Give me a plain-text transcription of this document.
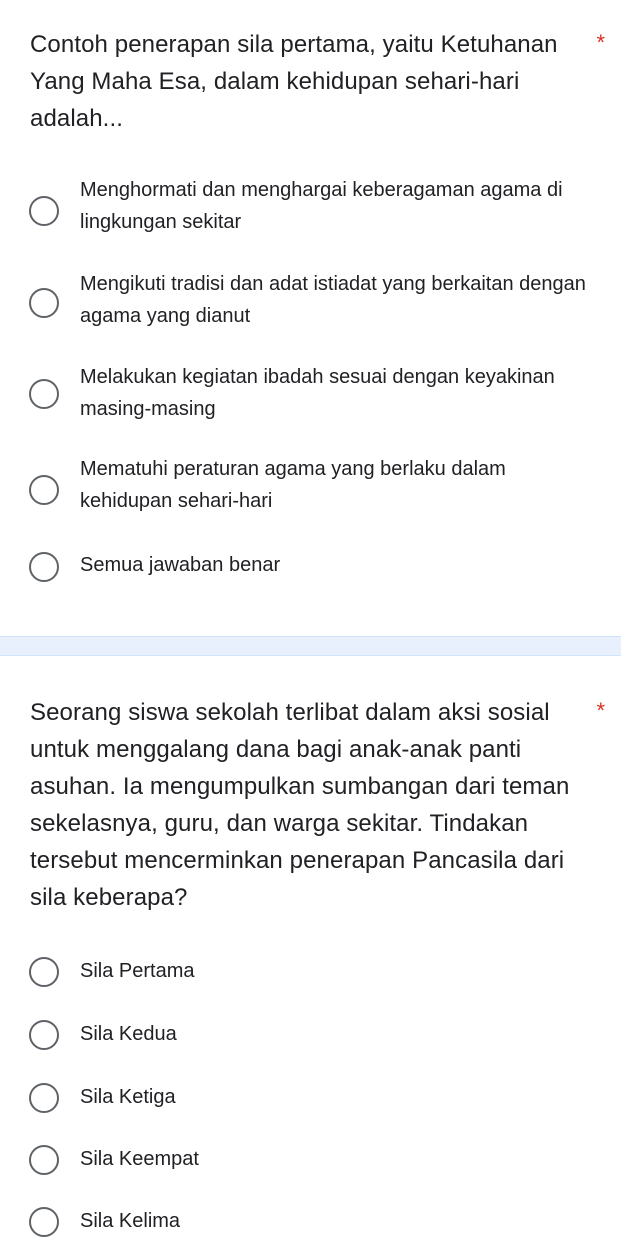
Contoh penerapan sila pertama, yaitu Ketuhanan Yang Maha Esa, dalam kehidupan sehari-hari adalah...
*
Menghormati dan menghargai keberagaman agama di lingkungan sekitar
Mengikuti tradisi dan adat istiadat yang berkaitan dengan agama yang dianut
Melakukan kegiatan ibadah sesuai dengan keyakinan masing-masing
Mematuhi peraturan agama yang berlaku dalam kehidupan sehari-hari
Semua jawaban benar
Seorang siswa sekolah terlibat dalam aksi sosial untuk menggalang dana bagi anak-anak panti asuhan. Ia mengumpulkan sumbangan dari teman sekelasnya, guru, dan warga sekitar. Tindakan tersebut mencerminkan penerapan Pancasila dari sila keberapa?
*
Sila Pertama
Sila Kedua
Sila Ketiga
Sila Keempat
Sila Kelima
